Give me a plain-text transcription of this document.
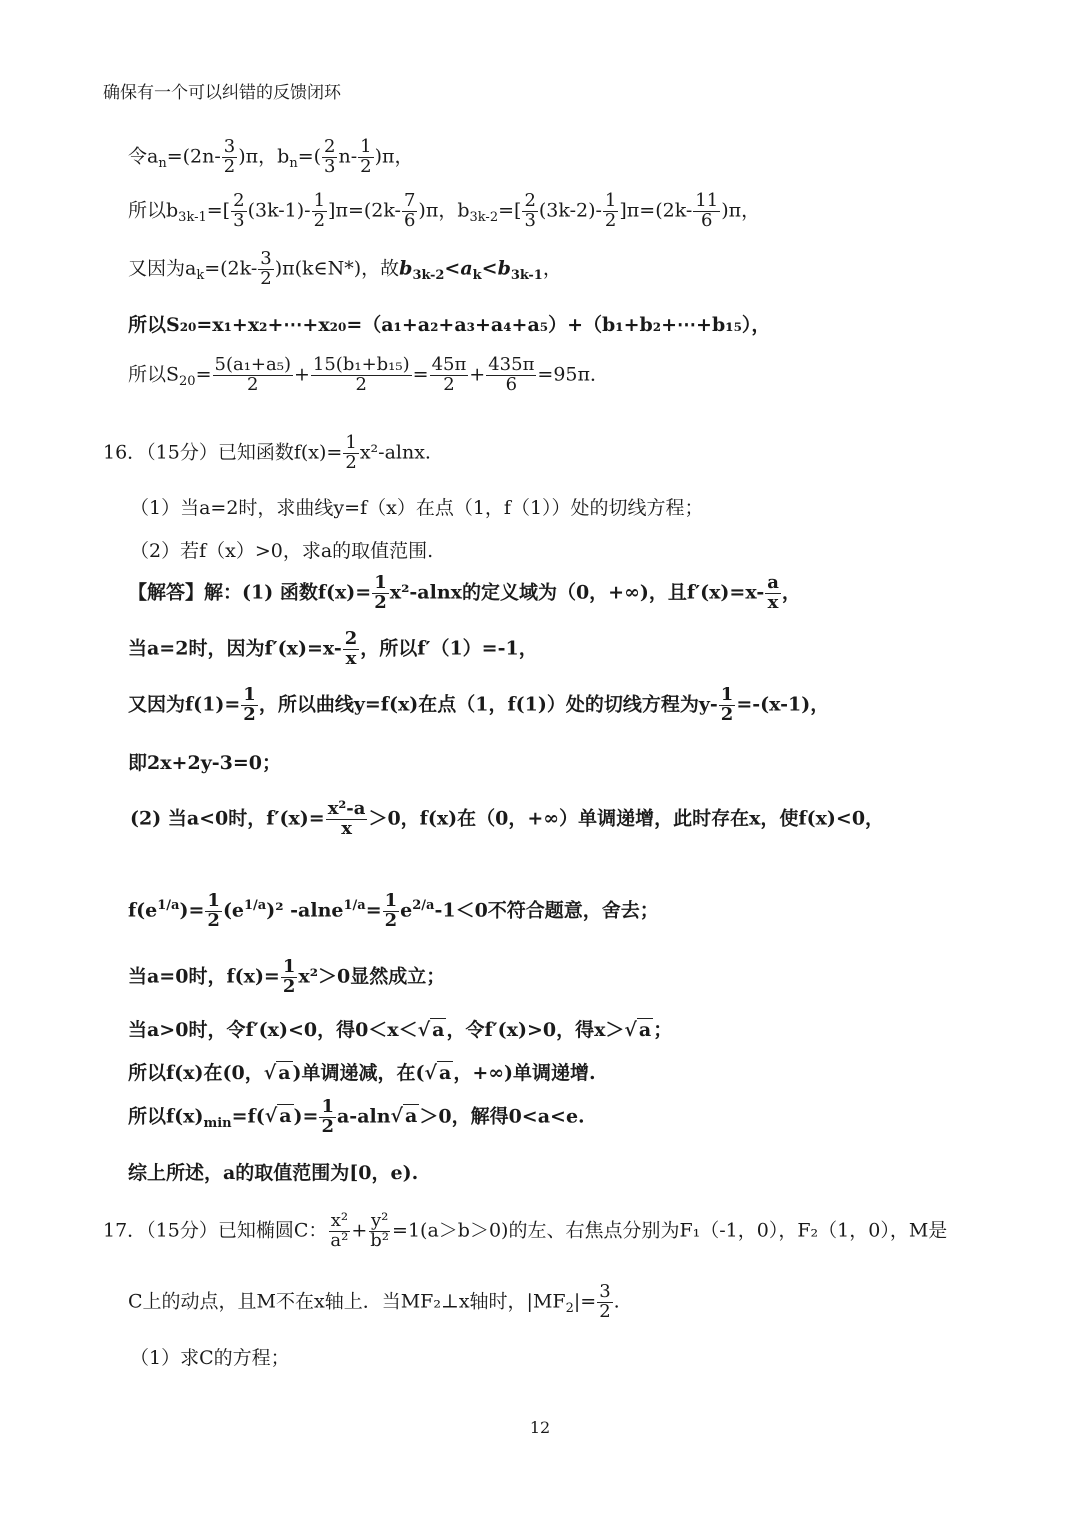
确保有一个可以纠错的反馈闭环
令$a_n=(2n- \frac{3}{2} )\pi$，$b_n=( \frac{2}{3} n- \frac{1}{2} )\pi$，
所以$b_{3k-1}=[ \frac{2}{3} (3k-1)- \frac{1}{2} ]\pi=(2k- \frac{7}{6} )\pi$，$b_{3k-2}=[ \frac{2}{3} (3k-2)- \frac{1}{2} ]\pi=(2k- \frac{11}{6} )\pi$，
又因为$a_k=(2k- \frac{3}{2}$ )π(k∈N*)，故$b_{3k-2}<a_k<b_{3k-1}$，
所以S₂₀=x₁+x₂+⋯+x₂₀=（a₁+a₂+a₃+a₄+a₅）+（b₁+b₂+⋯+b₁₅），
所以$S_{20}= \frac{\text{5(a₁+a₅)}}{2} + \frac{\text{15(b₁+b₁₅)}}{2} = \frac{45\pi}{2} + \frac{435\pi}{6} =95\pi$．
16．（15分）已知函数$f(x)= \frac{1}{2} x^2-alnx$.
（1）当a=2时，求曲线y=f（x）在点（1，f（1））处的切线方程；
（2）若f（x）>0，求a的取值范围.
【解答】解：(1) 函数$f(x)= \frac{1}{2} x^2-alnx$的定义域为（0，+∞)，且$f'(x)=x- \frac{a}{x}$ ，
当a=2时，因为$f'(x)=x- \frac{2}{x}$ ，所以f′（1）=-1，
又因为$f(1)= \frac{1}{2}$ ，所以曲线y=f(x)在点（1，f(1)）处的切线方程为$y- \frac{1}{2} =-(x-1)$，
即2x+2y-3=0；
(2) 当a<0时，$f'(x)= \frac{\text{x²-a}}{x} >0$，f(x)在（0，+∞）单调递增，此时存在x，使f(x)<0，
$f(e^{1/a})= \frac{1}{2} (e^{1/a})^2$ $-alne^{1/a}= \frac{1}{2} e^{2/a}-1<0$不符合题意，舍去；
当a=0时，$f(x)= \frac{1}{2} x^2>0$显然成立；
当a>0时，令f′(x)<0，得0＜x＜√ a ，令f′(x)>0，得x＞√ a ；
所以f(x)在(0，√ a )单调递减，在(√ a ，+∞)单调递增.
所以$f(x)_{min}=f(√$ a )= $\frac{1}{2} a-aln√$ a ＞0，解得0<a<e.
综上所述，a的取值范围为[0，e).
17．（15分）已知椭圆C： $\frac{\text{x²}}{\text{a²}} + \frac{\text{y²}}{\text{b²}} =1(a>b>0)$的左、右焦点分别为F₁（-1，0），F₂（1，0），M是
C上的动点，且M不在x轴上．当MF₂⊥x轴时，$|MF_2|= \frac{3}{2}$ .
（1）求C的方程；
12
